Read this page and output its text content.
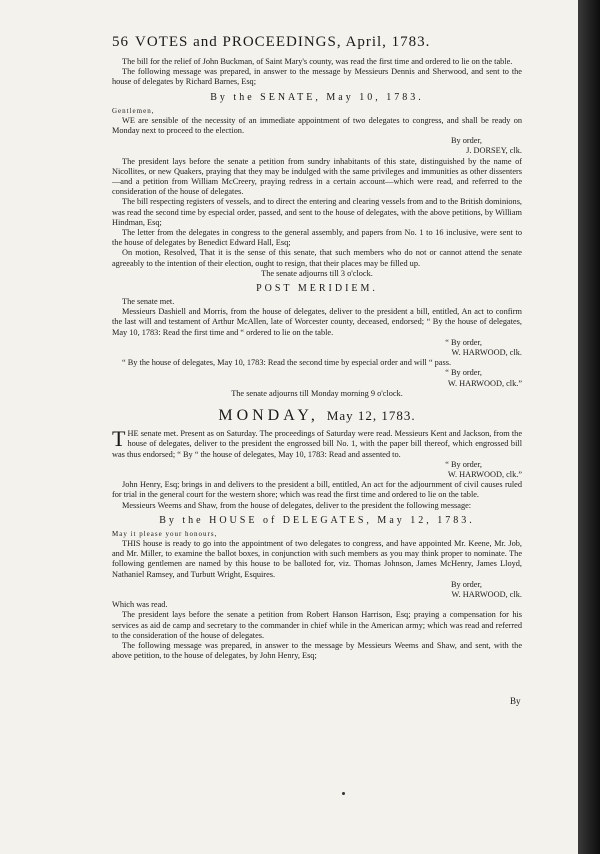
56 VOTES and PROCEEDINGS, April, 1783.

The bill for the relief of John Buckman, of Saint Mary's county, was read the first time and ordered to lie on the table.

The following message was prepared, in answer to the message by Messieurs Dennis and Sherwood, and sent to the house of delegates by Richard Barnes, Esq;

By the SENATE, May 10, 1783.

Gentlemen,

WE are sensible of the necessity of an immediate appointment of two delegates to congress, and shall be ready on Monday next to proceed to the election.

By order,

J. DORSEY, clk.

The president lays before the senate a petition from sundry inhabitants of this state, distinguished by the name of Nicollites, or new Quakers, praying that they may be indulged with the same privileges and immunities as other dissenters—and a petition from William McCreery, praying redress in a certain account—which were read, and referred to the consideration of the house of delegates.

The bill respecting registers of vessels, and to direct the entering and clearing vessels from and to the British dominions, was read the second time by especial order, passed, and sent to the house of delegates, with the above petitions, by William Hindman, Esq;

The letter from the delegates in congress to the general assembly, and papers from No. 1 to 16 inclusive, were sent to the house of delegates by Benedict Edward Hall, Esq;

On motion, Resolved, That it is the sense of this senate, that such members who do not or cannot attend the senate agreeably to the intention of their election, ought to resign, that their places may be filled up.

The senate adjourns till 3 o'clock.

POST MERIDIEM.

The senate met.

Messieurs Dashiell and Morris, from the house of delegates, deliver to the president a bill, entitled, An act to confirm the last will and testament of Arthur McAllen, late of Worcester county, deceased, endorsed; “ By the house of delegates, May 10, 1783: Read the first time and “ ordered to lie on the table.

“ By order,

W. HARWOOD, clk.

“ By the house of delegates, May 10, 1783: Read the second time by especial order and will “ pass.

“ By order,

W. HARWOOD, clk.”

The senate adjourns till Monday morning 9 o'clock.

MONDAY, May 12, 1783.

THE senate met. Present as on Saturday. The proceedings of Saturday were read. Messieurs Kent and Jackson, from the house of delegates, deliver to the president the engrossed bill No. 1, with the paper bill thereof, which engrossed bill was thus endorsed; “ By “ the house of delegates, May 10, 1783: Read and assented to.

“ By order,

W. HARWOOD, clk.”

John Henry, Esq; brings in and delivers to the president a bill, entitled, An act for the adjournment of civil causes ruled for trial in the general court for the western shore; which was read the first time and ordered to lie on the table.

Messieurs Weems and Shaw, from the house of delegates, deliver to the president the following message:

By the HOUSE of DELEGATES, May 12, 1783.

May it please your honours,

THIS house is ready to go into the appointment of two delegates to congress, and have appointed Mr. Keene, Mr. Job, and Mr. Miller, to examine the ballot boxes, in conjunction with such members as you may think proper to nominate. The following gentlemen are named by this house to be balloted for, viz. Thomas Johnson, James McHenry, James Lloyd, Nathaniel Ramsey, and Turbutt Wright, Esquires.

By order,

W. HARWOOD, clk.

Which was read.

The president lays before the senate a petition from Robert Hanson Harrison, Esq; praying a compensation for his services as aid de camp and secretary to the commander in chief while in the American army; which was read and referred to the consideration of the house of delegates.

The following message was prepared, in answer to the message by Messieurs Weems and Shaw, and sent, with the above petition, to the house of delegates, by John Henry, Esq;

By
